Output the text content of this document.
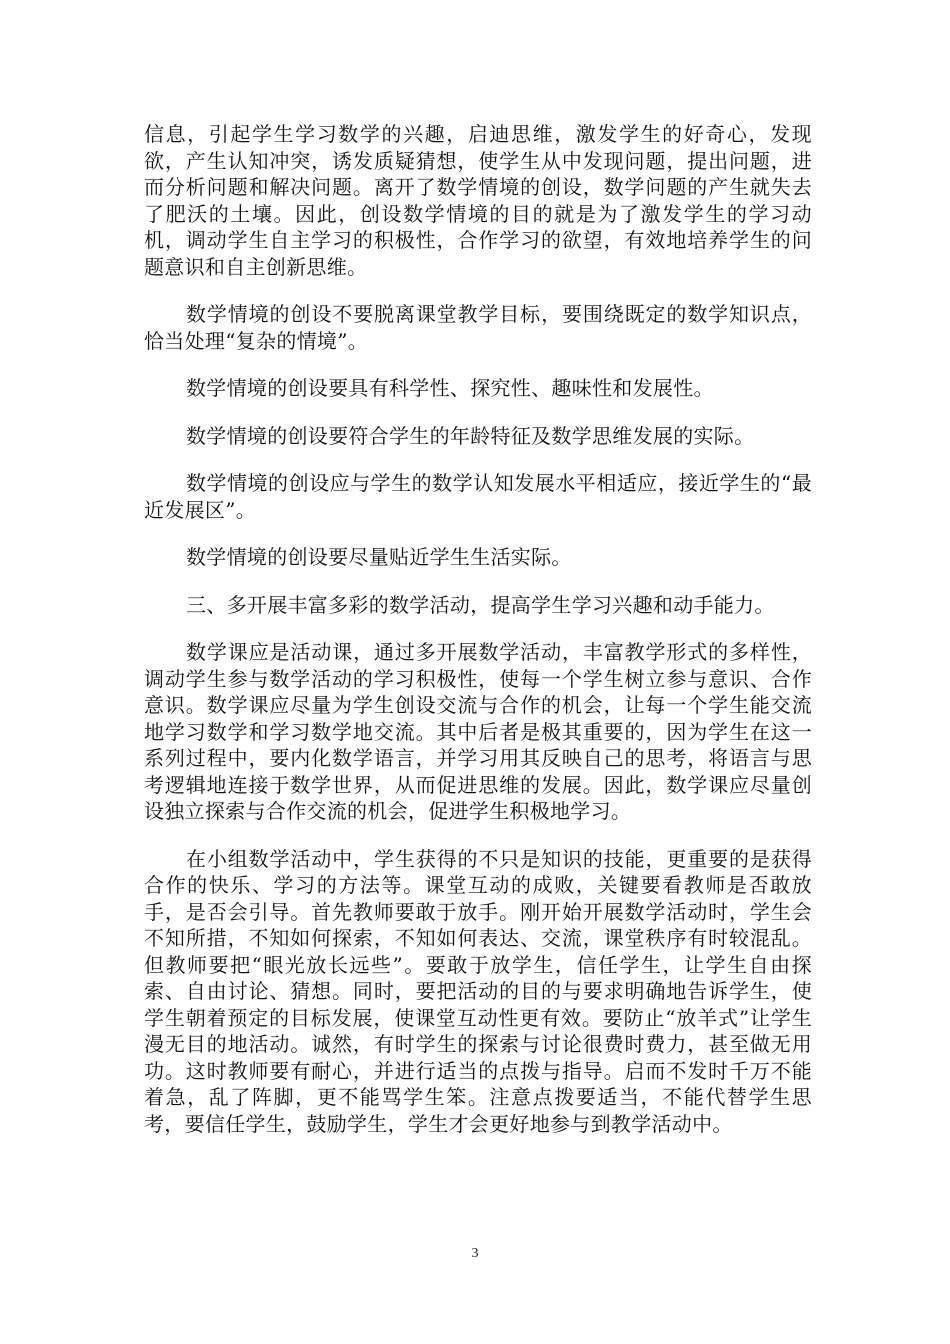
信息，引起学生学习数学的兴趣，启迪思维，激发学生的好奇心，发现欲，产生认知冲突，诱发质疑猜想，使学生从中发现问题，提出问题，进而分析问题和解决问题。离开了数学情境的创设，数学问题的产生就失去了肥沃的土壤。因此，创设数学情境的目的就是为了激发学生的学习动机，调动学生自主学习的积极性，合作学习的欲望，有效地培养学生的问题意识和自主创新思维。

数学情境的创设不要脱离课堂教学目标，要围绕既定的数学知识点，恰当处理“复杂的情境”。

数学情境的创设要具有科学性、探究性、趣味性和发展性。

数学情境的创设要符合学生的年龄特征及数学思维发展的实际。

数学情境的创设应与学生的数学认知发展水平相适应，接近学生的“最近发展区”。

数学情境的创设要尽量贴近学生生活实际。

三、多开展丰富多彩的数学活动，提高学生学习兴趣和动手能力。

数学课应是活动课，通过多开展数学活动，丰富教学形式的多样性，调动学生参与数学活动的学习积极性，使每一个学生树立参与意识、合作意识。数学课应尽量为学生创设交流与合作的机会，让每一个学生能交流地学习数学和学习数学地交流。其中后者是极其重要的，因为学生在这一系列过程中，要内化数学语言，并学习用其反映自己的思考，将语言与思考逻辑地连接于数学世界，从而促进思维的发展。因此，数学课应尽量创设独立探索与合作交流的机会，促进学生积极地学习。

在小组数学活动中，学生获得的不只是知识的技能，更重要的是获得合作的快乐、学习的方法等。课堂互动的成败，关键要看教师是否敢放手，是否会引导。首先教师要敢于放手。刚开始开展数学活动时，学生会不知所措，不知如何探索，不知如何表达、交流，课堂秩序有时较混乱。但教师要把“眼光放长远些”。要敢于放学生，信任学生，让学生自由探索、自由讨论、猜想。同时，要把活动的目的与要求明确地告诉学生，使学生朝着预定的目标发展，使课堂互动性更有效。要防止“放羊式”让学生漫无目的地活动。诚然，有时学生的探索与讨论很费时费力，甚至做无用功。这时教师要有耐心，并进行适当的点拨与指导。启而不发时千万不能着急，乱了阵脚，更不能骂学生笨。注意点拨要适当，不能代替学生思考，要信任学生，鼓励学生，学生才会更好地参与到教学活动中。

3
